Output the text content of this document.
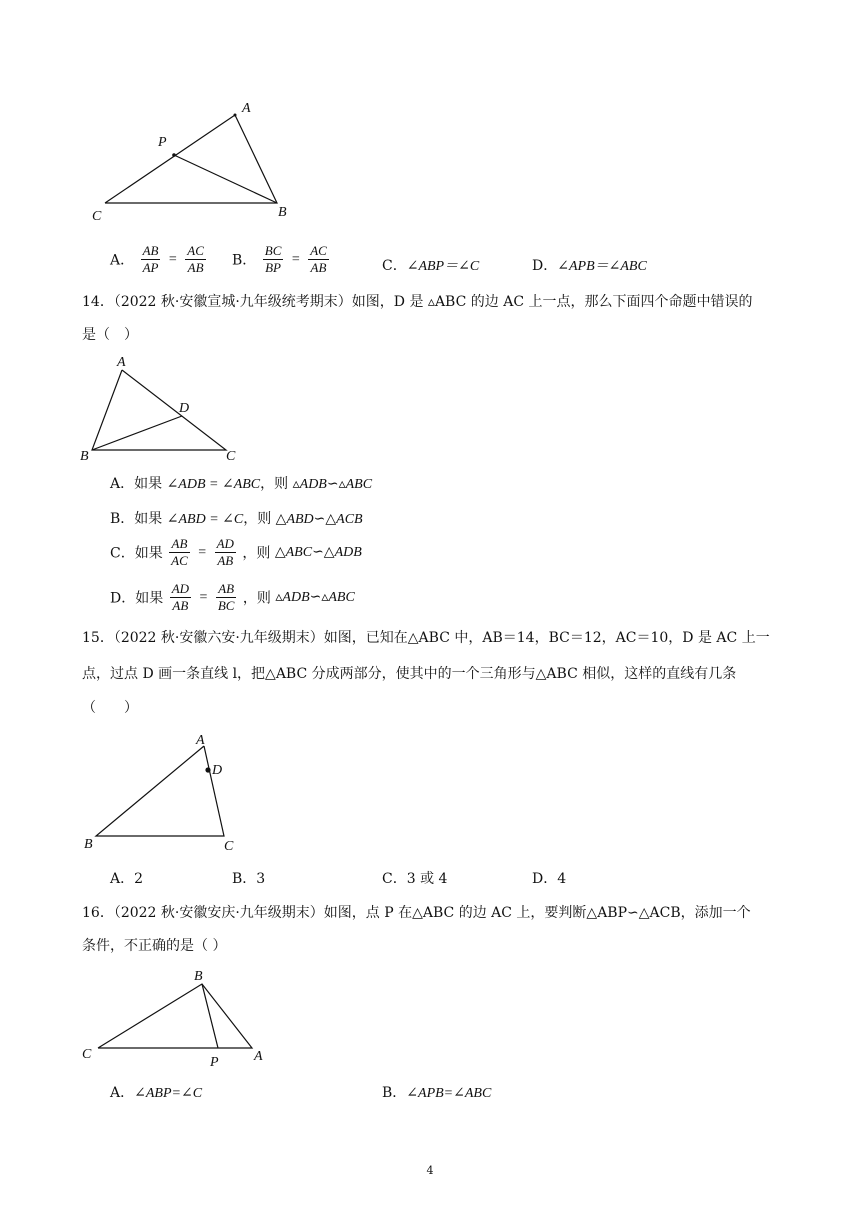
A
P
C	B
A． $\frac{AB}{AP} = \frac{AC}{AB}$ B． $\frac{BC}{BP} = \frac{AC}{AB}$	C．∠ABP＝∠C	D．∠APB＝∠ABC
14．（2022 秋·安徽宣城·九年级统考期末）如图，D 是 ▵ABC 的边 AC 上一点，那么下面四个命题中错误的
是（　）
A
D
B	C
A．如果 ∠ADB = ∠ABC，则 ▵ADB∽▵ABC
B．如果 ∠ABD = ∠C，则 △ABD∽△ACB
C．如果 $\frac{AB}{AC} = \frac{AD}{AB}$ ，则 △ABC∽△ADB
D．如果 $\frac{AD}{AB} = \frac{AB}{BC}$ ，则 ▵ADB∽▵ABC
15．（2022 秋·安徽六安·九年级期末）如图，已知在△ABC 中，AB＝14，BC＝12，AC＝10，D 是 AC 上一
点，过点 D 画一条直线 l，把△ABC 分成两部分，使其中的一个三角形与△ABC 相似，这样的直线有几条
（　　）
A
D
B	C
A．2	B．3	C．3 或 4	D．4
16．（2022 秋·安徽安庆·九年级期末）如图，点 P 在△ABC 的边 AC 上，要判断△ABP∽△ACB，添加一个
条件，不正确的是（ ）
B
C
P	A
A．∠ABP=∠C	B．∠APB=∠ABC
4
